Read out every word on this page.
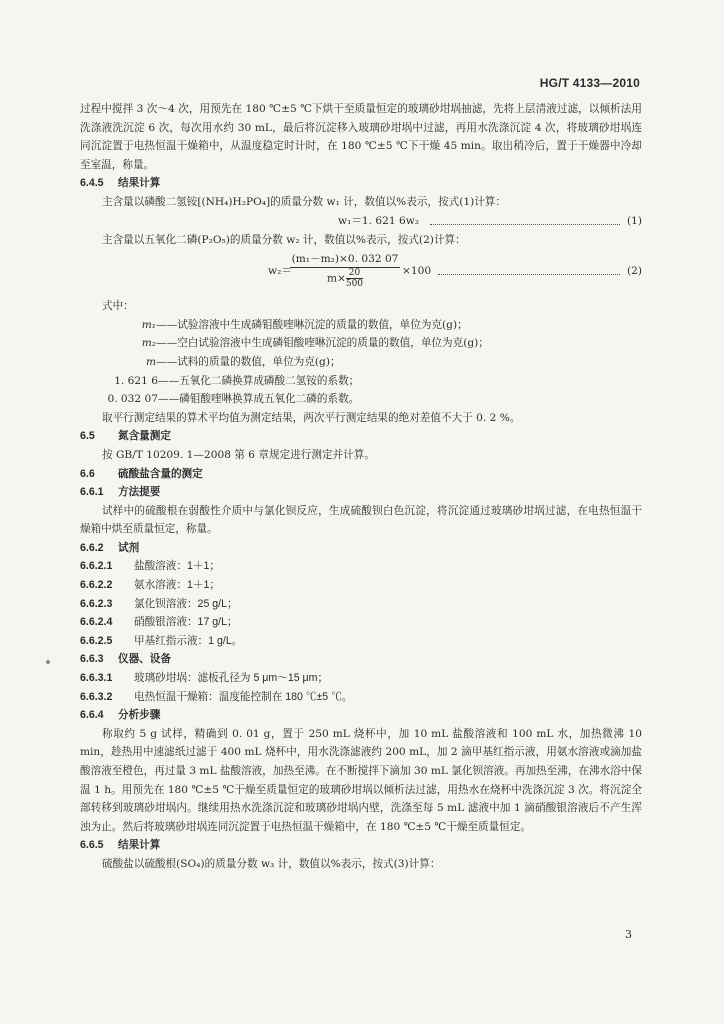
HG/T 4133—2010

过程中搅拌 3 次～4 次，用预先在 180 ℃±5 ℃下烘干至质量恒定的玻璃砂坩埚抽滤，先将上层清液过滤，以倾析法用洗涤液洗沉淀 6 次，每次用水约 30 mL，最后将沉淀移入玻璃砂坩埚中过滤，再用水洗涤沉淀 4 次，将玻璃砂坩埚连同沉淀置于电热恒温干燥箱中，从温度稳定时计时，在 180 ℃±5 ℃下干燥 45 min。取出稍冷后，置于干燥器中冷却至室温，称量。

6.4.5 结果计算

主含量以磷酸二氢铵[(NH₄)H₂PO₄]的质量分数 w₁ 计，数值以%表示，按式(1)计算：

w₁＝1. 621 6w₂	(1)

主含量以五氧化二磷(P₂O₅)的质量分数 w₂ 计，数值以%表示，按式(2)计算：

w₂＝
$\frac{\text{(m₁－m₂)×0. 032 07}}{m\times \frac{20}{500}} \times 100$	(2)

式中：

m₁——试验溶液中生成磷钼酸喹啉沉淀的质量的数值，单位为克(g)；

m₂——空白试验溶液中生成磷钼酸喹啉沉淀的质量的数值，单位为克(g)；

m——试料的质量的数值，单位为克(g)；

1. 621 6——五氧化二磷换算成磷酸二氢铵的系数；

0. 032 07——磷钼酸喹啉换算成五氧化二磷的系数。

取平行测定结果的算术平均值为测定结果，两次平行测定结果的绝对差值不大于 0. 2 %。

6.5 氮含量测定

按 GB/T 10209. 1—2008 第 6 章规定进行测定并计算。

6.6 硫酸盐含量的测定

6.6.1 方法提要

试样中的硫酸根在弱酸性介质中与氯化钡反应，生成硫酸钡白色沉淀，将沉淀通过玻璃砂坩埚过滤，在电热恒温干燥箱中烘至质量恒定，称量。

6.6.2 试剂

6.6.2.1 盐酸溶液：1＋1；

6.6.2.2 氨水溶液：1＋1；

6.6.2.3 氯化钡溶液：25 g/L；

6.6.2.4 硝酸银溶液：17 g/L；

6.6.2.5 甲基红指示液：1 g/L。

6.6.3 仪器、设备

6.6.3.1 玻璃砂坩埚：滤板孔径为 5 μm～15 μm；

6.6.3.2 电热恒温干燥箱：温度能控制在 180 ℃±5 ℃。

6.6.4 分析步骤

称取约 5 g 试样，精确到 0. 01 g，置于 250 mL 烧杯中，加 10 mL 盐酸溶液和 100 mL 水，加热微沸 10 min，趁热用中速滤纸过滤于 400 mL 烧杯中，用水洗涤滤液约 200 mL，加 2 滴甲基红指示液，用氨水溶液或滴加盐酸溶液至橙色，再过量 3 mL 盐酸溶液，加热至沸。在不断搅拌下滴加 30 mL 氯化钡溶液。再加热至沸，在沸水浴中保温 1 h。用预先在 180 ℃±5 ℃干燥至质量恒定的玻璃砂坩埚以倾析法过滤，用热水在烧杯中洗涤沉淀 3 次。将沉淀全部转移到玻璃砂坩埚内。继续用热水洗涤沉淀和玻璃砂坩埚内壁，洗涤至每 5 mL 滤液中加 1 滴硝酸银溶液后不产生浑浊为止。然后将玻璃砂坩埚连同沉淀置于电热恒温干燥箱中，在 180 ℃±5 ℃干燥至质量恒定。

6.6.5 结果计算

硫酸盐以硫酸根(SO₄)的质量分数 w₃ 计，数值以%表示，按式(3)计算：

3
